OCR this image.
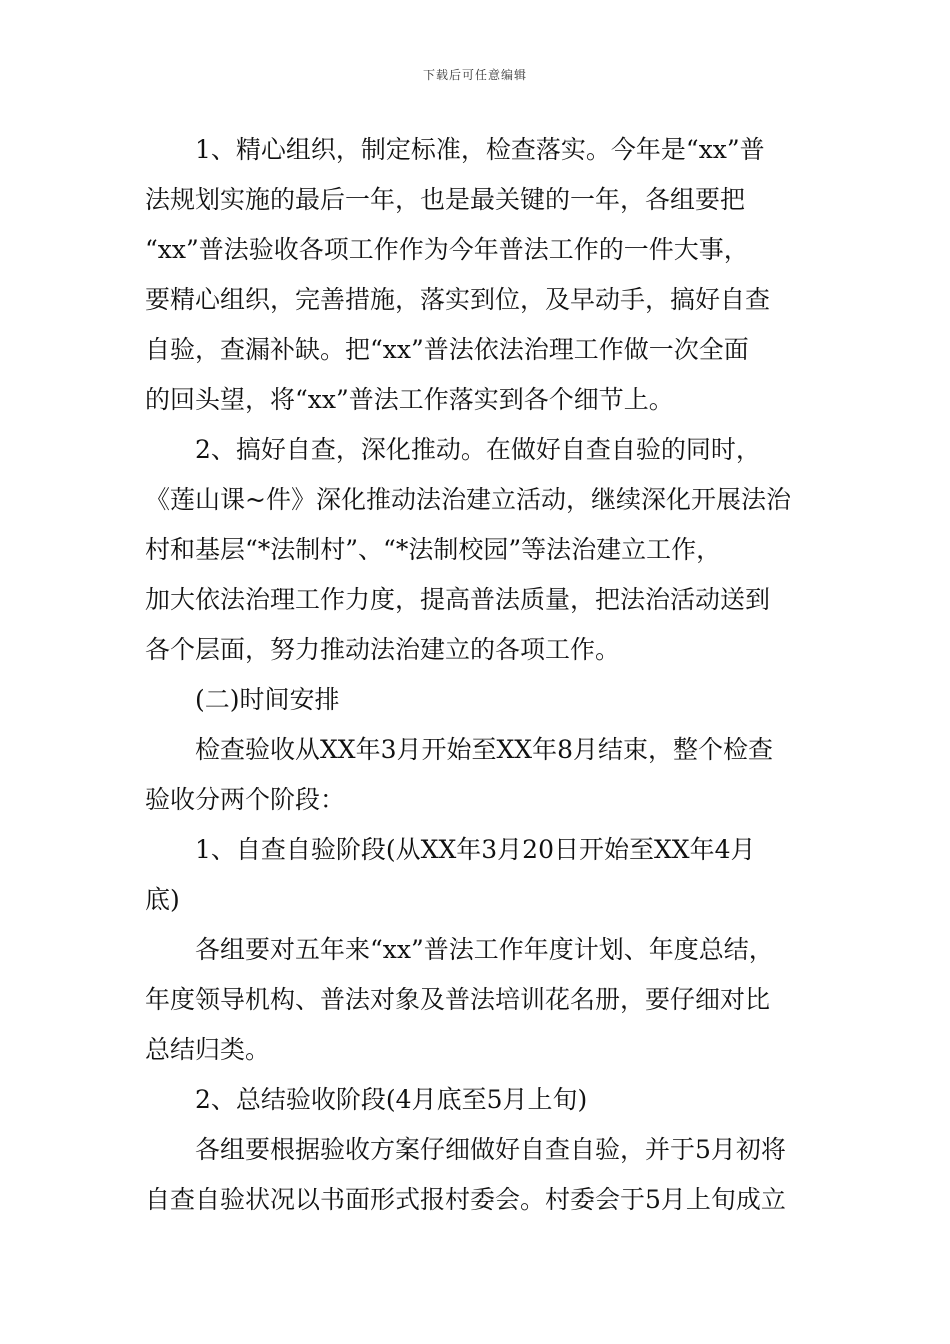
下载后可任意编辑
1、精心组织，制定标准，检查落实。今年是“xx”普
法规划实施的最后一年，也是最关键的一年，各组要把
“xx”普法验收各项工作作为今年普法工作的一件大事，
要精心组织，完善措施，落实到位，及早动手，搞好自查
自验，查漏补缺。把“xx”普法依法治理工作做一次全面
的回头望，将“xx”普法工作落实到各个细节上。
2、搞好自查，深化推动。在做好自查自验的同时，
《莲山课~件》深化推动法治建立活动，继续深化开展法治
村和基层“*法制村”、“*法制校园”等法治建立工作，
加大依法治理工作力度，提高普法质量，把法治活动送到
各个层面，努力推动法治建立的各项工作。
(二)时间安排
检查验收从XX年3月开始至XX年8月结束，整个检查
验收分两个阶段：
1、自查自验阶段(从XX年3月20日开始至XX年4月
底)
各组要对五年来“xx”普法工作年度计划、年度总结，
年度领导机构、普法对象及普法培训花名册，要仔细对比
总结归类。
2、总结验收阶段(4月底至5月上旬)
各组要根据验收方案仔细做好自查自验，并于5月初将
自查自验状况以书面形式报村委会。村委会于5月上旬成立
